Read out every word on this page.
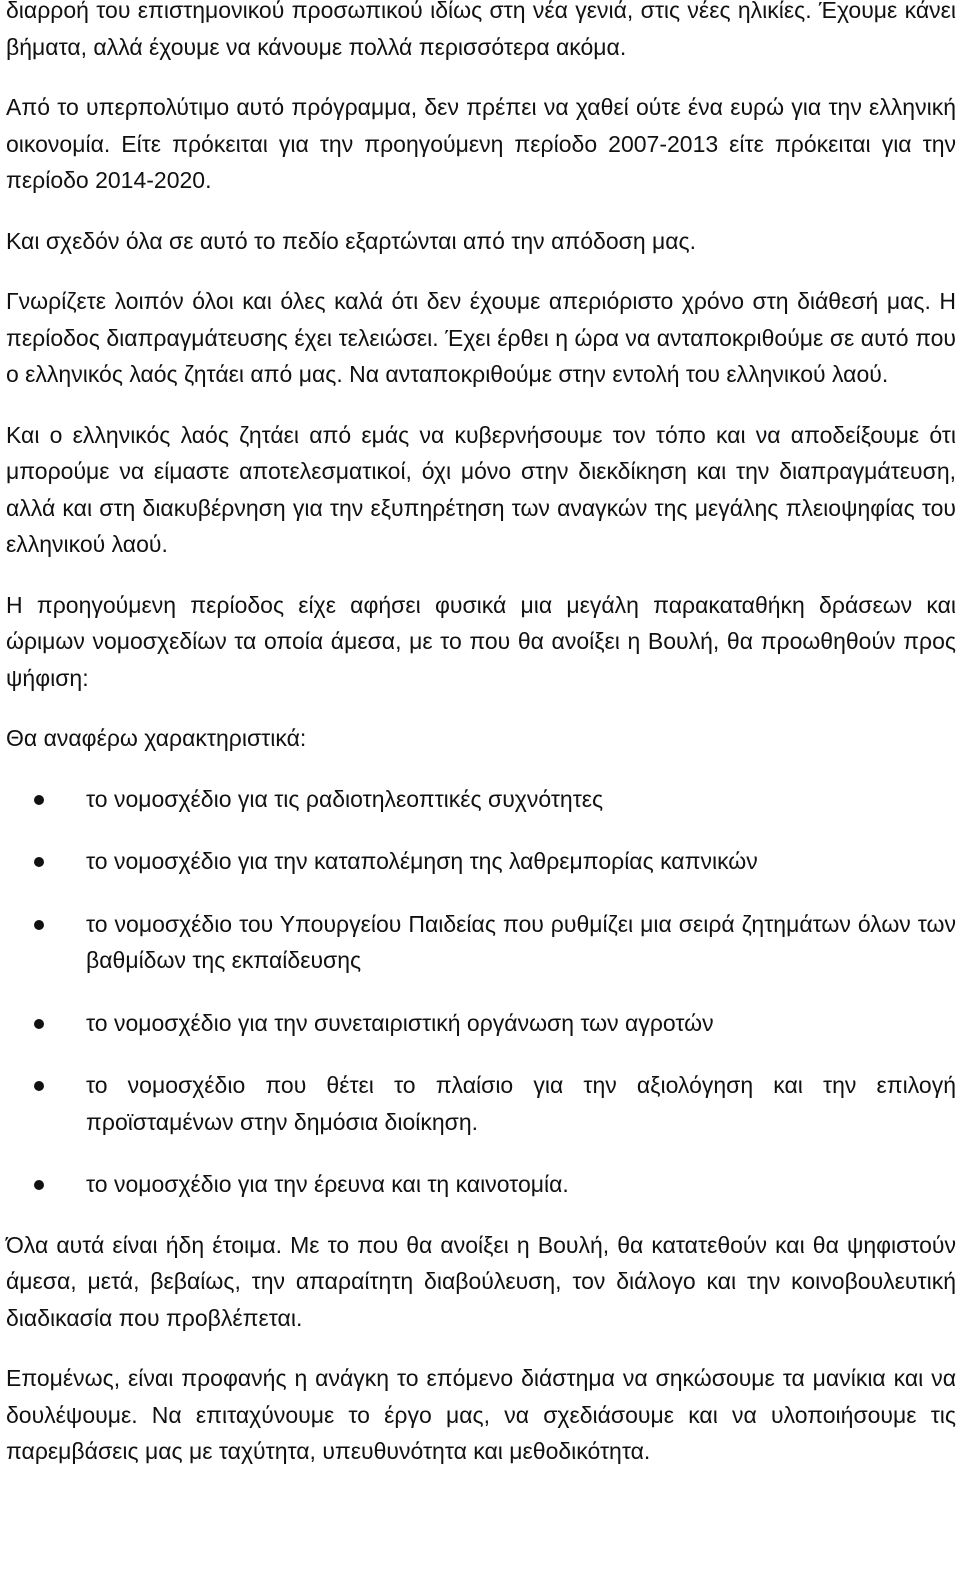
διαρροή του επιστημονικού προσωπικού ιδίως στη νέα γενιά, στις νέες ηλικίες. Έχουμε κάνει βήματα, αλλά έχουμε να κάνουμε πολλά περισσότερα ακόμα.

Από το υπερπολύτιμο αυτό πρόγραμμα, δεν πρέπει να χαθεί ούτε ένα ευρώ για την ελληνική οικονομία. Είτε πρόκειται για την προηγούμενη περίοδο 2007-2013 είτε πρόκειται για την περίοδο 2014-2020.

Και σχεδόν όλα σε αυτό το πεδίο εξαρτώνται από την απόδοση μας.

Γνωρίζετε λοιπόν όλοι και όλες καλά ότι δεν έχουμε απεριόριστο χρόνο στη διάθεσή μας. Η περίοδος διαπραγμάτευσης έχει τελειώσει. Έχει έρθει η ώρα να ανταποκριθούμε σε αυτό που ο ελληνικός λαός ζητάει από μας. Να ανταποκριθούμε στην εντολή του ελληνικού λαού.

Και ο ελληνικός λαός ζητάει από εμάς να κυβερνήσουμε τον τόπο και να αποδείξουμε ότι μπορούμε να είμαστε αποτελεσματικοί, όχι μόνο στην διεκδίκηση και την διαπραγμάτευση, αλλά και στη διακυβέρνηση για την εξυπηρέτηση των αναγκών της μεγάλης πλειοψηφίας του ελληνικού λαού.

Η προηγούμενη περίοδος είχε αφήσει φυσικά μια μεγάλη παρακαταθήκη δράσεων και ώριμων νομοσχεδίων τα οποία άμεσα, με το που θα ανοίξει η Βουλή, θα προωθηθούν προς ψήφιση:

Θα αναφέρω χαρακτηριστικά:

το νομοσχέδιο για τις ραδιοτηλεοπτικές συχνότητες
το νομοσχέδιο για την καταπολέμηση της λαθρεμπορίας καπνικών
το νομοσχέδιο του Υπουργείου Παιδείας που ρυθμίζει μια σειρά ζητημάτων όλων των βαθμίδων της εκπαίδευσης
το νομοσχέδιο για την συνεταιριστική οργάνωση των αγροτών
το νομοσχέδιο που θέτει το πλαίσιο για την αξιολόγηση και την επιλογή προϊσταμένων στην δημόσια διοίκηση.
το νομοσχέδιο για την έρευνα και τη καινοτομία.

Όλα αυτά είναι ήδη έτοιμα. Με το που θα ανοίξει η Βουλή, θα κατατεθούν και θα ψηφιστούν άμεσα, μετά, βεβαίως, την απαραίτητη διαβούλευση, τον διάλογο και την κοινοβουλευτική διαδικασία που προβλέπεται.

Επομένως, είναι προφανής η ανάγκη το επόμενο διάστημα να σηκώσουμε τα μανίκια και να δουλέψουμε. Να επιταχύνουμε το έργο μας, να σχεδιάσουμε και να υλοποιήσουμε τις παρεμβάσεις μας με ταχύτητα, υπευθυνότητα και μεθοδικότητα.
